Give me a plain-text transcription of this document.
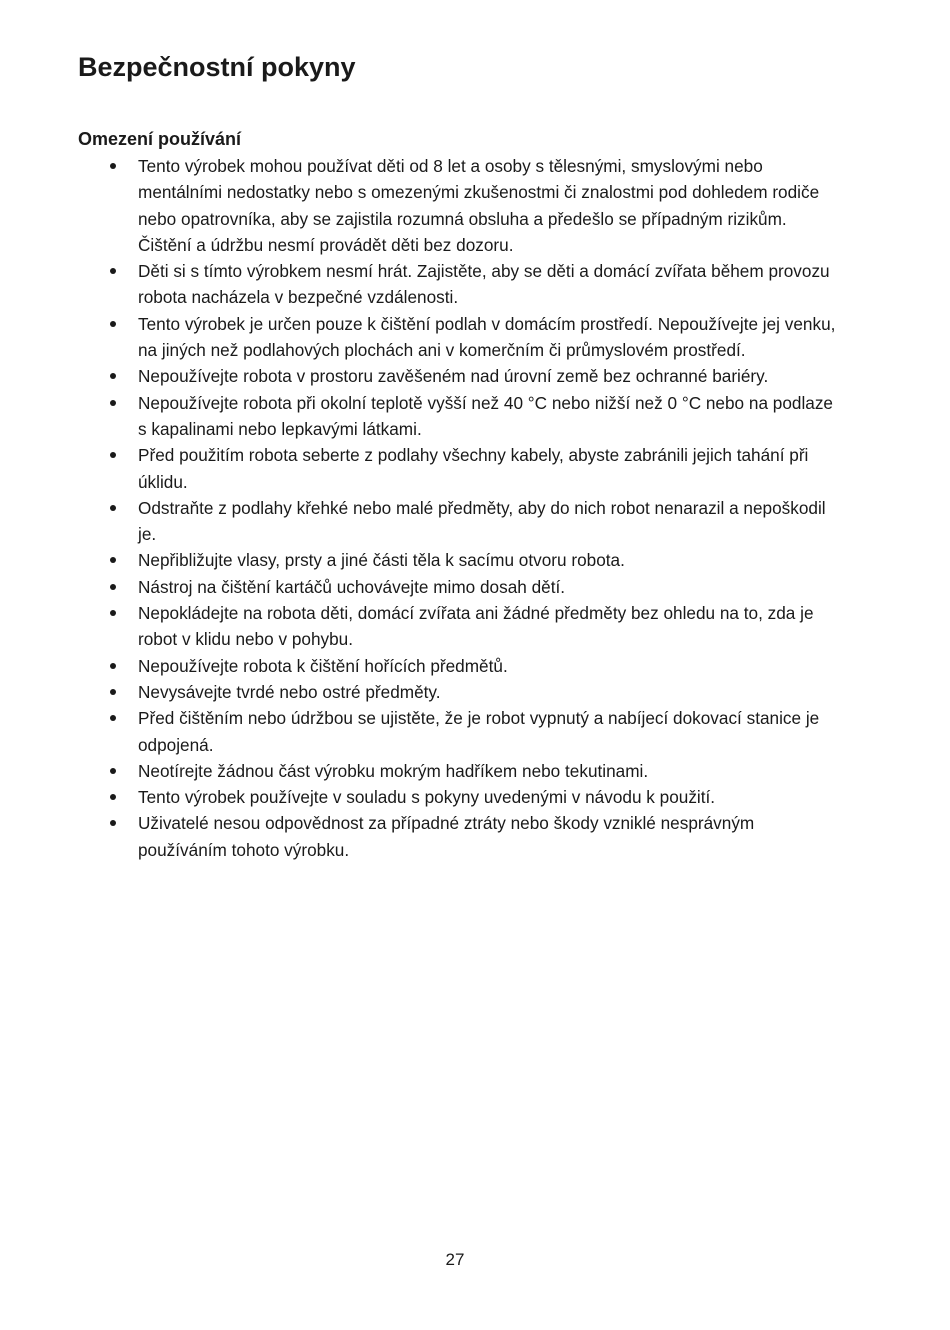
Bezpečnostní pokyny
Omezení používání
Tento výrobek mohou používat děti od 8 let a osoby s tělesnými, smyslovými nebo mentálními nedostatky nebo s omezenými zkušenostmi či znalostmi pod dohledem rodiče nebo opatrovníka, aby se zajistila rozumná obsluha a předešlo se případným rizikům. Čištění a údržbu nesmí provádět děti bez dozoru.
Děti si s tímto výrobkem nesmí hrát. Zajistěte, aby se děti a domácí zvířata během provozu robota nacházela v bezpečné vzdálenosti.
Tento výrobek je určen pouze k čištění podlah v domácím prostředí. Nepoužívejte jej venku, na jiných než podlahových plochách ani v komerčním či průmyslovém prostředí.
Nepoužívejte robota v prostoru zavěšeném nad úrovní země bez ochranné bariéry.
Nepoužívejte robota při okolní teplotě vyšší než 40 °C nebo nižší než 0 °C nebo na podlaze s kapalinami nebo lepkavými látkami.
Před použitím robota seberte z podlahy všechny kabely, abyste zabránili jejich tahání při úklidu.
Odstraňte z podlahy křehké nebo malé předměty, aby do nich robot nenarazil a nepoškodil je.
Nepřibližujte vlasy, prsty a jiné části těla k sacímu otvoru robota.
Nástroj na čištění kartáčů uchovávejte mimo dosah dětí.
Nepokládejte na robota děti, domácí zvířata ani žádné předměty bez ohledu na to, zda je robot v klidu nebo v pohybu.
Nepoužívejte robota k čištění hořících předmětů.
Nevysávejte tvrdé nebo ostré předměty.
Před čištěním nebo údržbou se ujistěte, že je robot vypnutý a nabíjecí dokovací stanice je odpojená.
Neotírejte žádnou část výrobku mokrým hadříkem nebo tekutinami.
Tento výrobek používejte v souladu s pokyny uvedenými v návodu k použití.
Uživatelé nesou odpovědnost za případné ztráty nebo škody vzniklé nesprávným používáním tohoto výrobku.
27
